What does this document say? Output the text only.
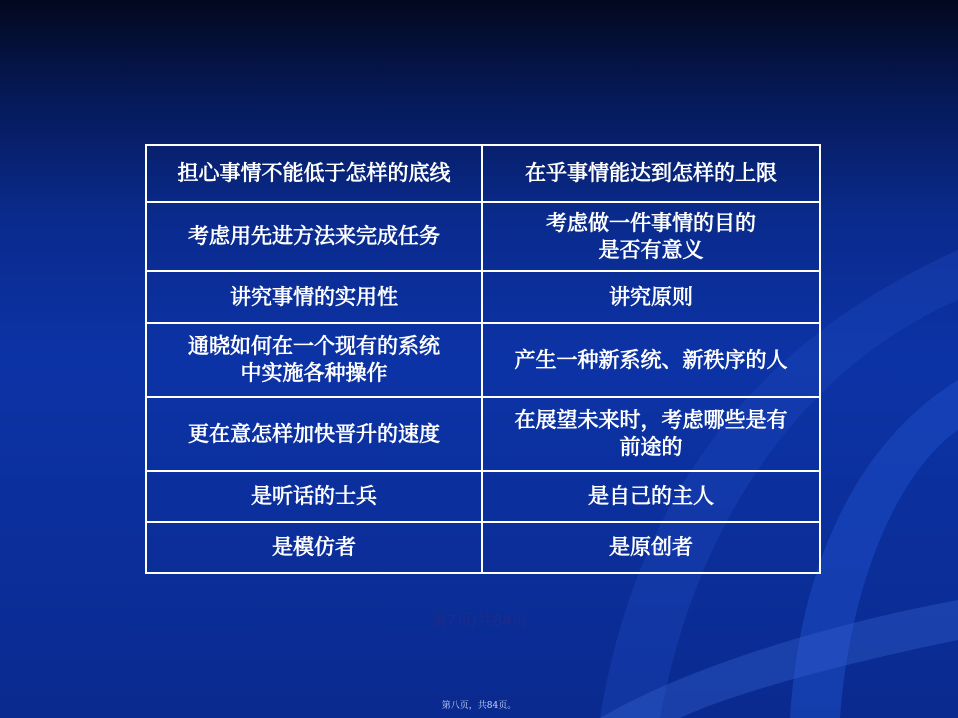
担心事情不能低于怎样的底线	在乎事情能达到怎样的上限
考虑用先进方法来完成任务	考虑做一件事情的目的
是否有意义
讲究事情的实用性	讲究原则
通晓如何在一个现有的系统
中实施各种操作	产生一种新系统、新秩序的人
更在意怎样加快晋升的速度	在展望未来时，考虑哪些是有
前途的
是听话的士兵	是自己的主人
是模仿者	是原创者
第7页/共84页
第八页，共84页。
